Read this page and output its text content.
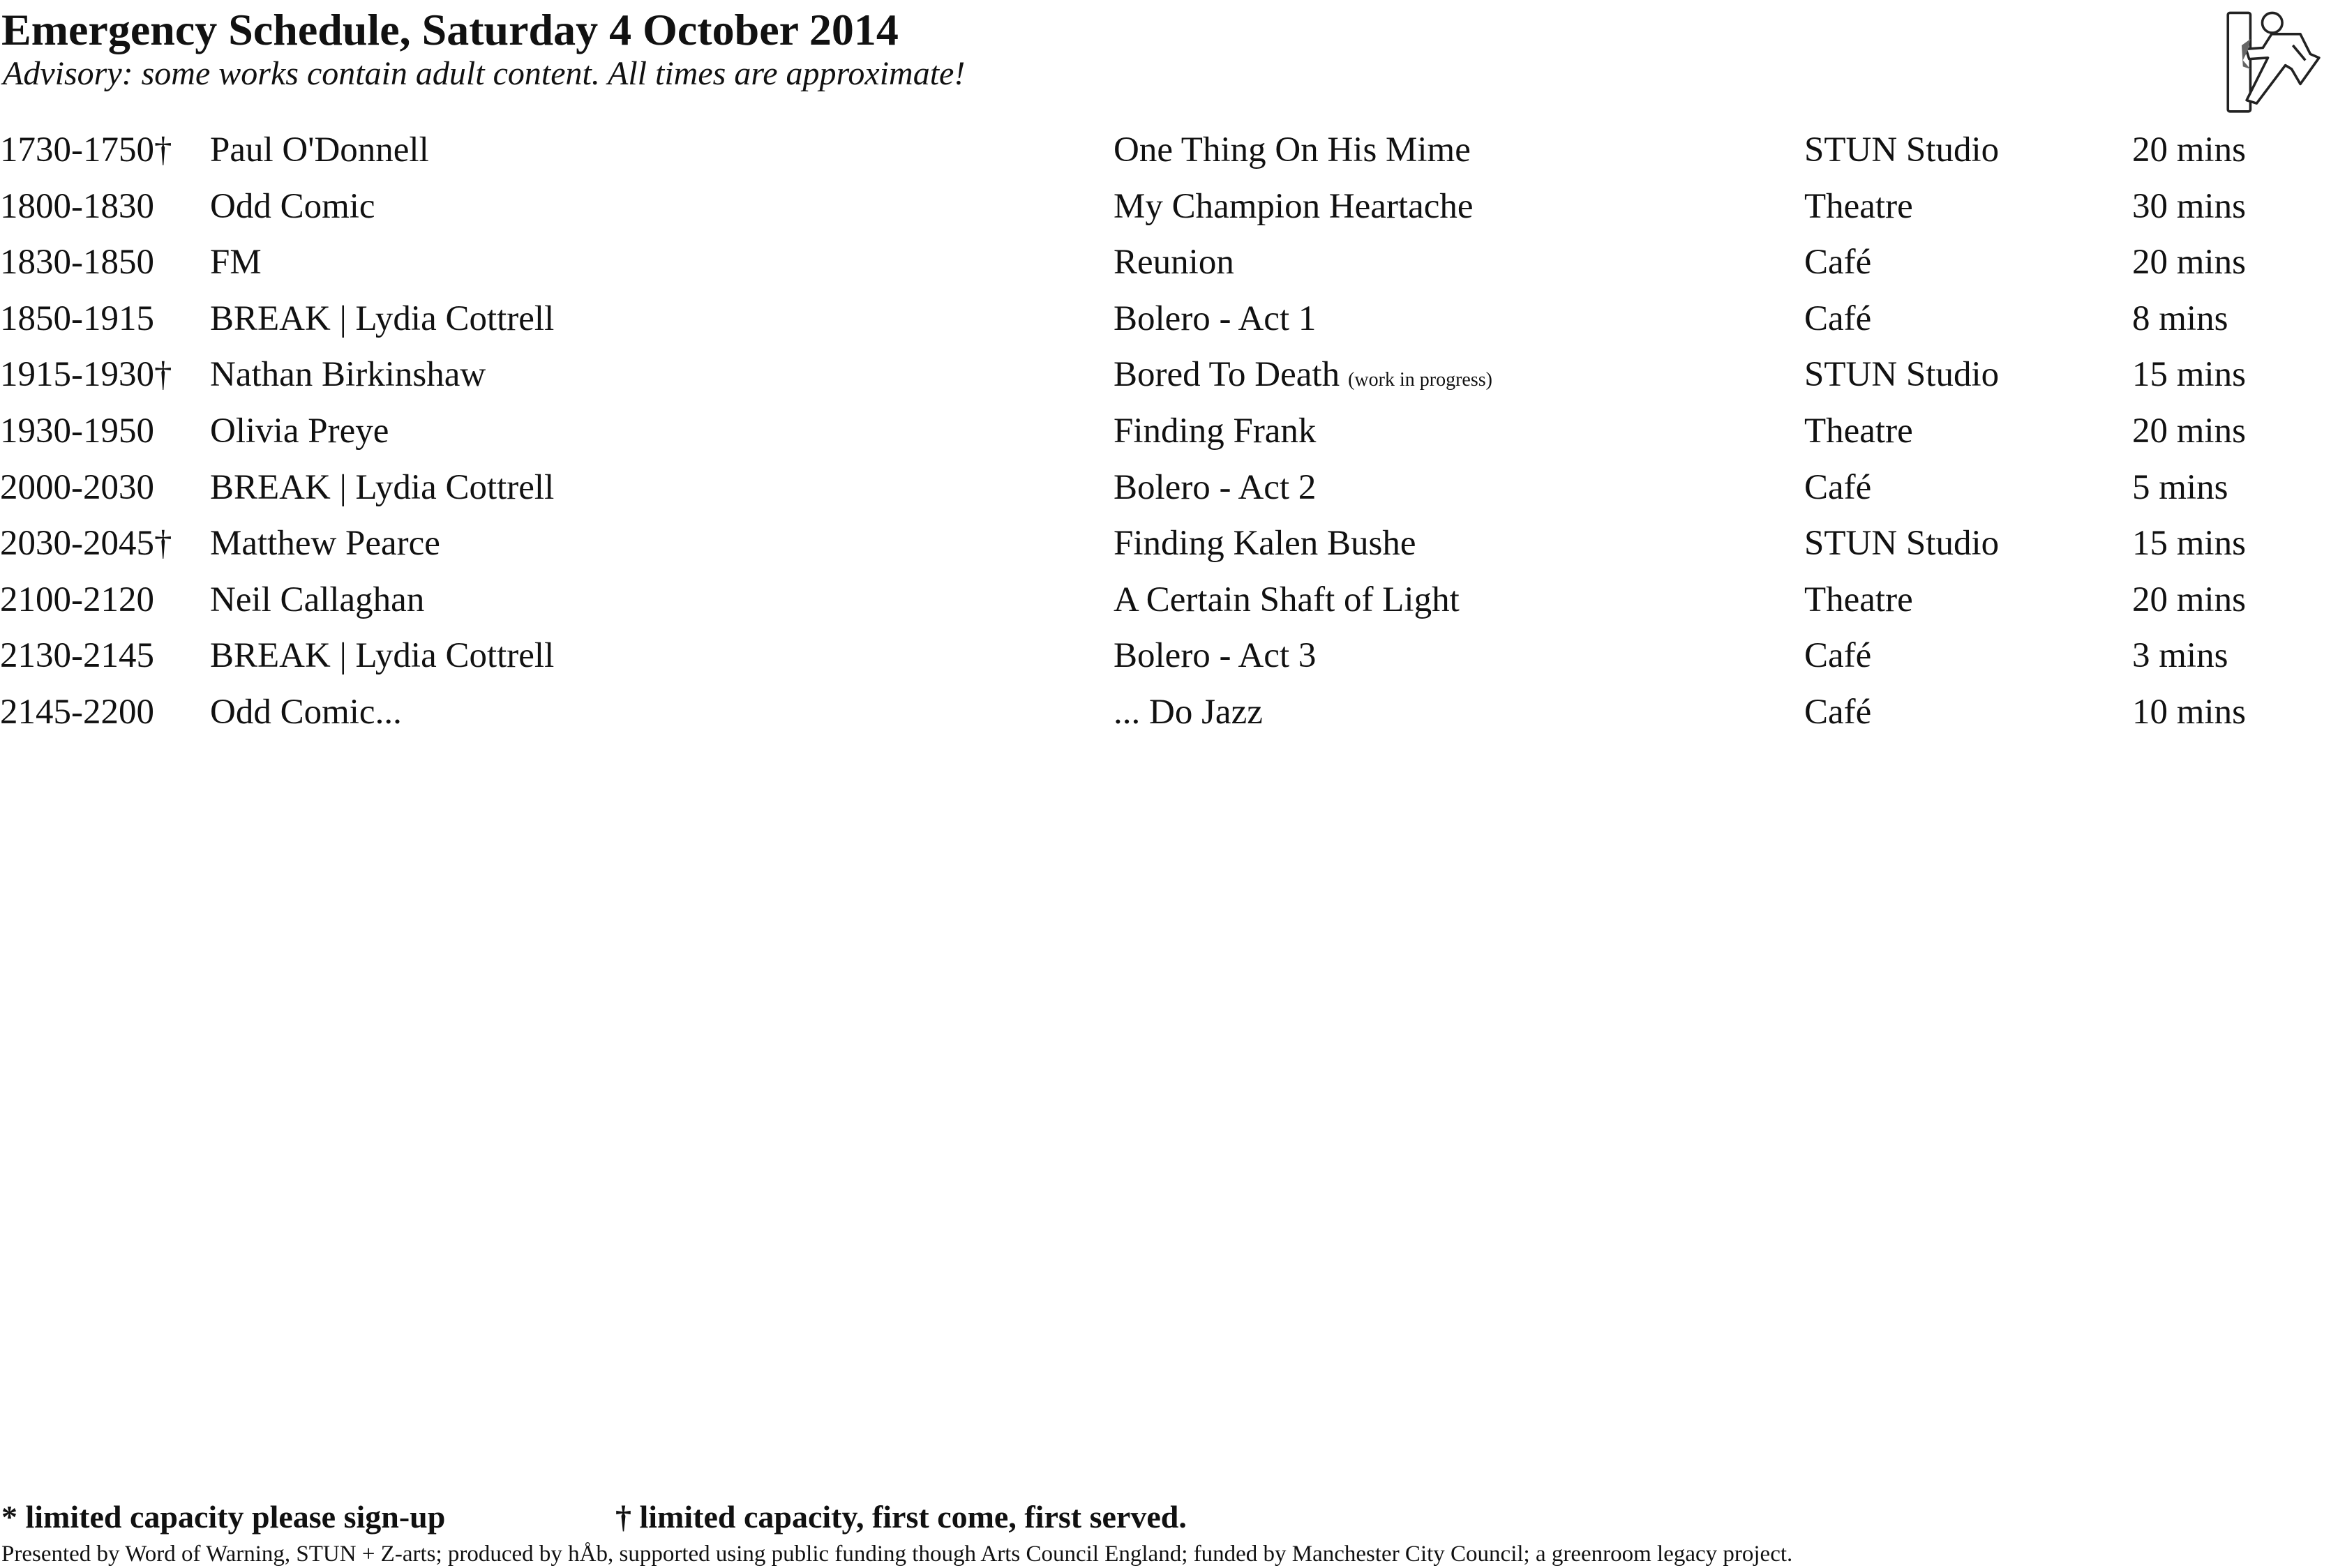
Emergency Schedule, Saturday 4 October 2014
Advisory: some works contain adult content. All times are approximate!
1730-1750† Paul O'Donnell	One Thing On His Mime	STUN Studio	20 mins
1800-1830 Odd Comic	My Champion Heartache	Theatre	30 mins
1830-1850 FM	Reunion	Café	20 mins
1850-1915 BREAK | Lydia Cottrell	Bolero - Act 1	Café	8 mins
1915-1930† Nathan Birkinshaw	Bored To Death (work in progress)	STUN Studio	15 mins
1930-1950 Olivia Preye	Finding Frank	Theatre	20 mins
2000-2030 BREAK | Lydia Cottrell	Bolero - Act 2	Café	5 mins
2030-2045† Matthew Pearce	Finding Kalen Bushe	STUN Studio	15 mins
2100-2120 Neil Callaghan	A Certain Shaft of Light	Theatre	20 mins
2130-2145 BREAK | Lydia Cottrell	Bolero - Act 3	Café	3 mins
2145-2200 Odd Comic...	... Do Jazz	Café	10 mins
* limited capacity please sign-up	† limited capacity, first come, first served.
Presented by Word of Warning, STUN + Z-arts; produced by hÅb, supported using public funding though Arts Council England; funded by Manchester City Council; a greenroom legacy project.
